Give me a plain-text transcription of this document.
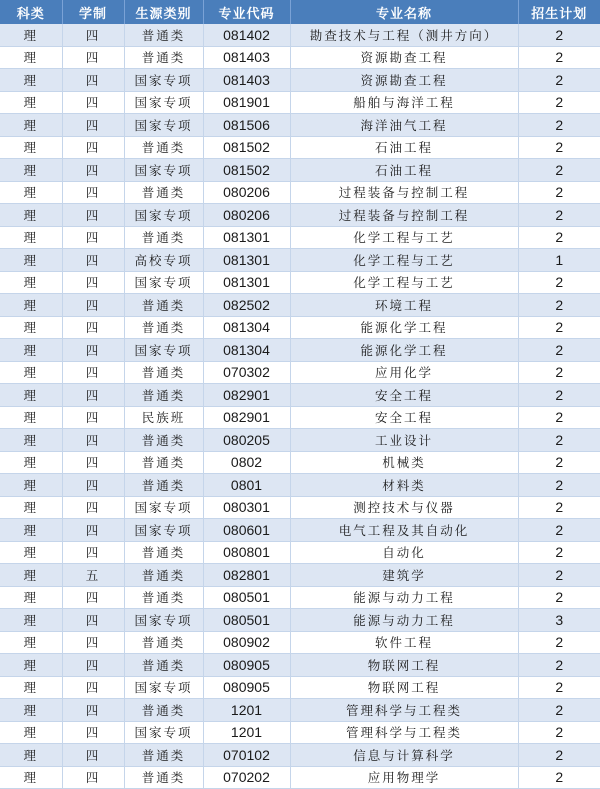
科类	学制	生源类别	专业代码	专业名称	招生计划
理	四	普通类	081402	勘查技术与工程（测井方向）	2
理	四	普通类	081403	资源勘查工程	2
理	四	国家专项	081403	资源勘查工程	2
理	四	国家专项	081901	船舶与海洋工程	2
理	四	国家专项	081506	海洋油气工程	2
理	四	普通类	081502	石油工程	2
理	四	国家专项	081502	石油工程	2
理	四	普通类	080206	过程装备与控制工程	2
理	四	国家专项	080206	过程装备与控制工程	2
理	四	普通类	081301	化学工程与工艺	2
理	四	高校专项	081301	化学工程与工艺	1
理	四	国家专项	081301	化学工程与工艺	2
理	四	普通类	082502	环境工程	2
理	四	普通类	081304	能源化学工程	2
理	四	国家专项	081304	能源化学工程	2
理	四	普通类	070302	应用化学	2
理	四	普通类	082901	安全工程	2
理	四	民族班	082901	安全工程	2
理	四	普通类	080205	工业设计	2
理	四	普通类	0802	机械类	2
理	四	普通类	0801	材料类	2
理	四	国家专项	080301	测控技术与仪器	2
理	四	国家专项	080601	电气工程及其自动化	2
理	四	普通类	080801	自动化	2
理	五	普通类	082801	建筑学	2
理	四	普通类	080501	能源与动力工程	2
理	四	国家专项	080501	能源与动力工程	3
理	四	普通类	080902	软件工程	2
理	四	普通类	080905	物联网工程	2
理	四	国家专项	080905	物联网工程	2
理	四	普通类	1201	管理科学与工程类	2
理	四	国家专项	1201	管理科学与工程类	2
理	四	普通类	070102	信息与计算科学	2
理	四	普通类	070202	应用物理学	2
